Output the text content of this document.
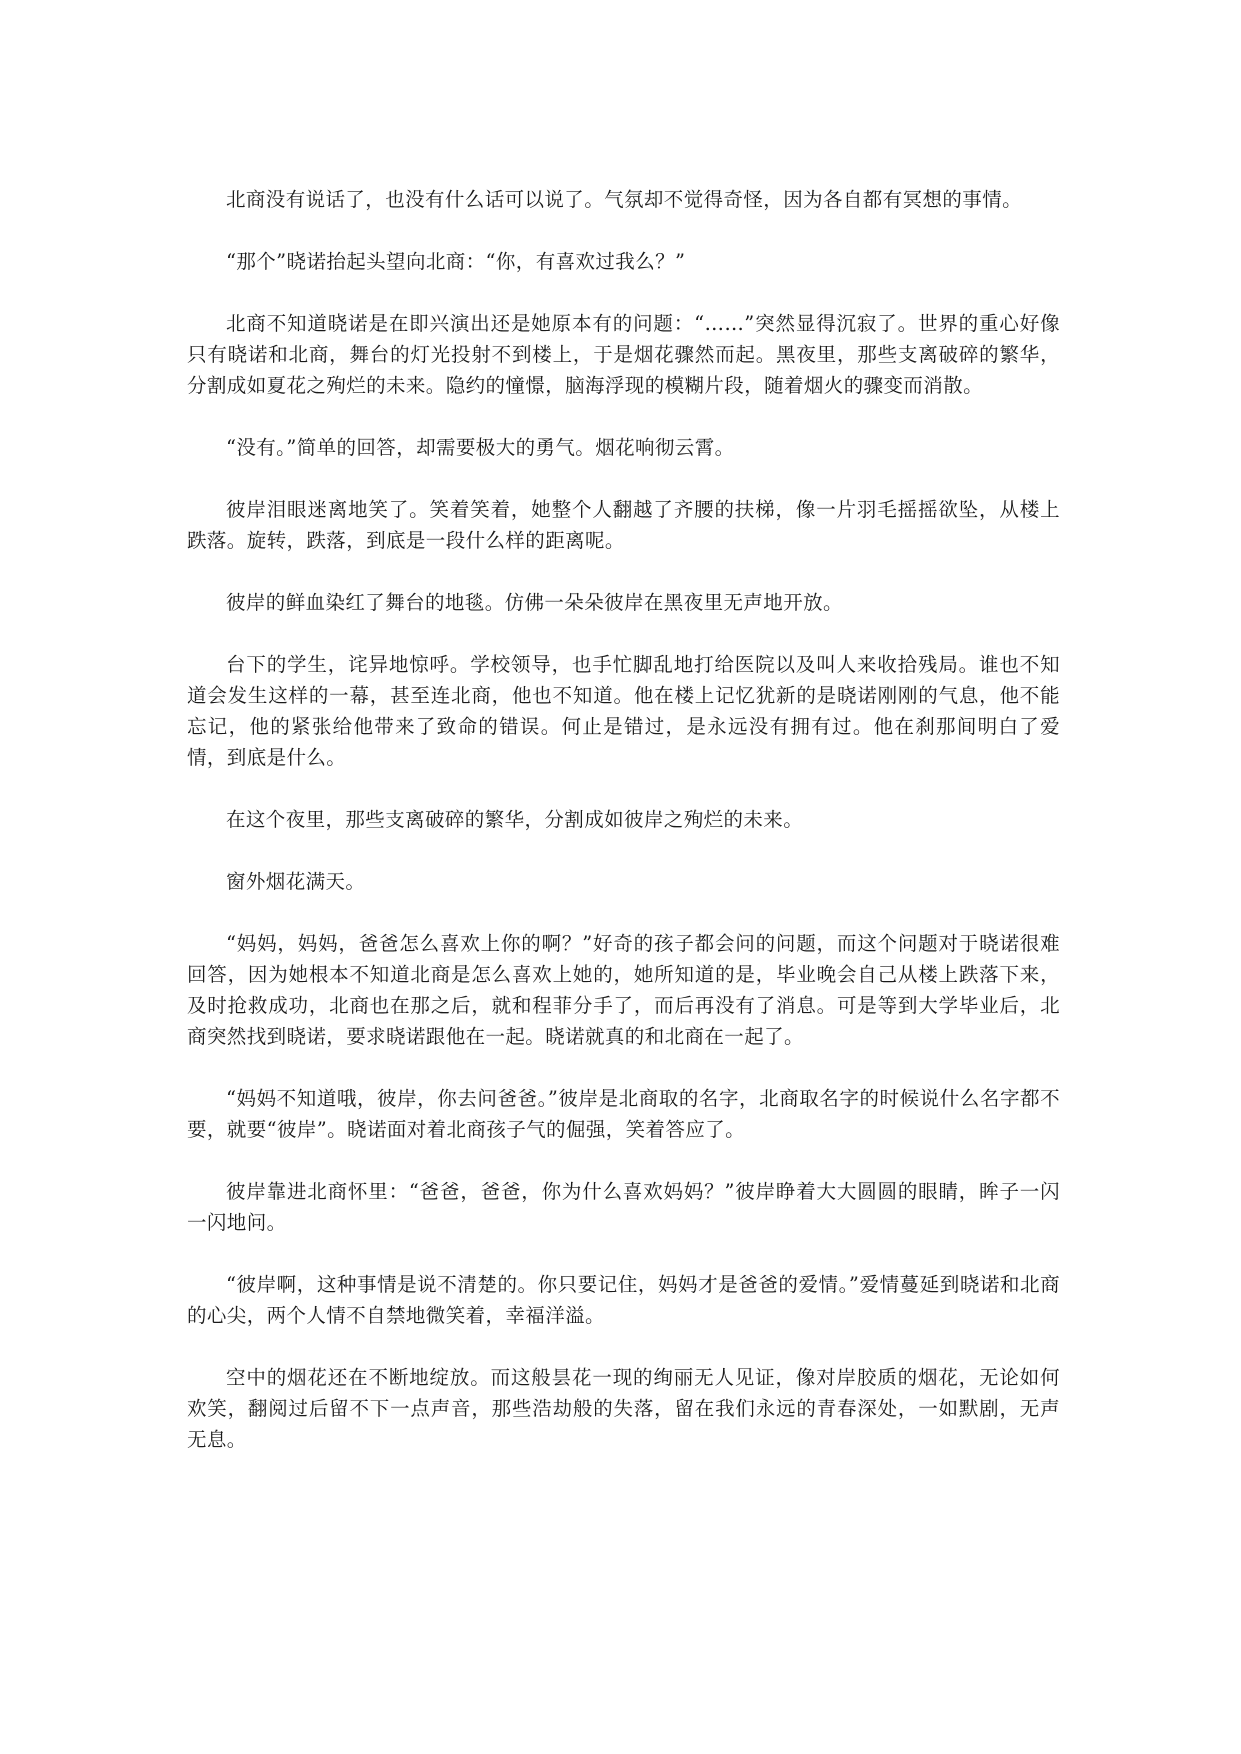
北商没有说话了，也没有什么话可以说了。气氛却不觉得奇怪，因为各自都有冥想的事情。

“那个”晓诺抬起头望向北商：“你，有喜欢过我么？”

北商不知道晓诺是在即兴演出还是她原本有的问题：“……”突然显得沉寂了。世界的重心好像只有晓诺和北商，舞台的灯光投射不到楼上，于是烟花骤然而起。黑夜里，那些支离破碎的繁华，分割成如夏花之殉烂的未来。隐约的憧憬，脑海浮现的模糊片段，随着烟火的骤变而消散。

“没有。”简单的回答，却需要极大的勇气。烟花响彻云霄。

彼岸泪眼迷离地笑了。笑着笑着，她整个人翻越了齐腰的扶梯，像一片羽毛摇摇欲坠，从楼上跌落。旋转，跌落，到底是一段什么样的距离呢。

彼岸的鲜血染红了舞台的地毯。仿佛一朵朵彼岸在黑夜里无声地开放。

台下的学生，诧异地惊呼。学校领导，也手忙脚乱地打给医院以及叫人来收拾残局。谁也不知道会发生这样的一幕，甚至连北商，他也不知道。他在楼上记忆犹新的是晓诺刚刚的气息，他不能忘记，他的紧张给他带来了致命的错误。何止是错过，是永远没有拥有过。他在刹那间明白了爱情，到底是什么。

在这个夜里，那些支离破碎的繁华，分割成如彼岸之殉烂的未来。

窗外烟花满天。

“妈妈，妈妈，爸爸怎么喜欢上你的啊？”好奇的孩子都会问的问题，而这个问题对于晓诺很难回答，因为她根本不知道北商是怎么喜欢上她的，她所知道的是，毕业晚会自己从楼上跌落下来，及时抢救成功，北商也在那之后，就和程菲分手了，而后再没有了消息。可是等到大学毕业后，北商突然找到晓诺，要求晓诺跟他在一起。晓诺就真的和北商在一起了。

“妈妈不知道哦，彼岸，你去问爸爸。”彼岸是北商取的名字，北商取名字的时候说什么名字都不要，就要“彼岸”。晓诺面对着北商孩子气的倔强，笑着答应了。

彼岸靠进北商怀里：“爸爸，爸爸，你为什么喜欢妈妈？”彼岸睁着大大圆圆的眼睛，眸子一闪一闪地问。

“彼岸啊，这种事情是说不清楚的。你只要记住，妈妈才是爸爸的爱情。”爱情蔓延到晓诺和北商的心尖，两个人情不自禁地微笑着，幸福洋溢。

空中的烟花还在不断地绽放。而这般昙花一现的绚丽无人见证，像对岸胶质的烟花，无论如何欢笑，翻阅过后留不下一点声音，那些浩劫般的失落，留在我们永远的青春深处，一如默剧，无声无息。
